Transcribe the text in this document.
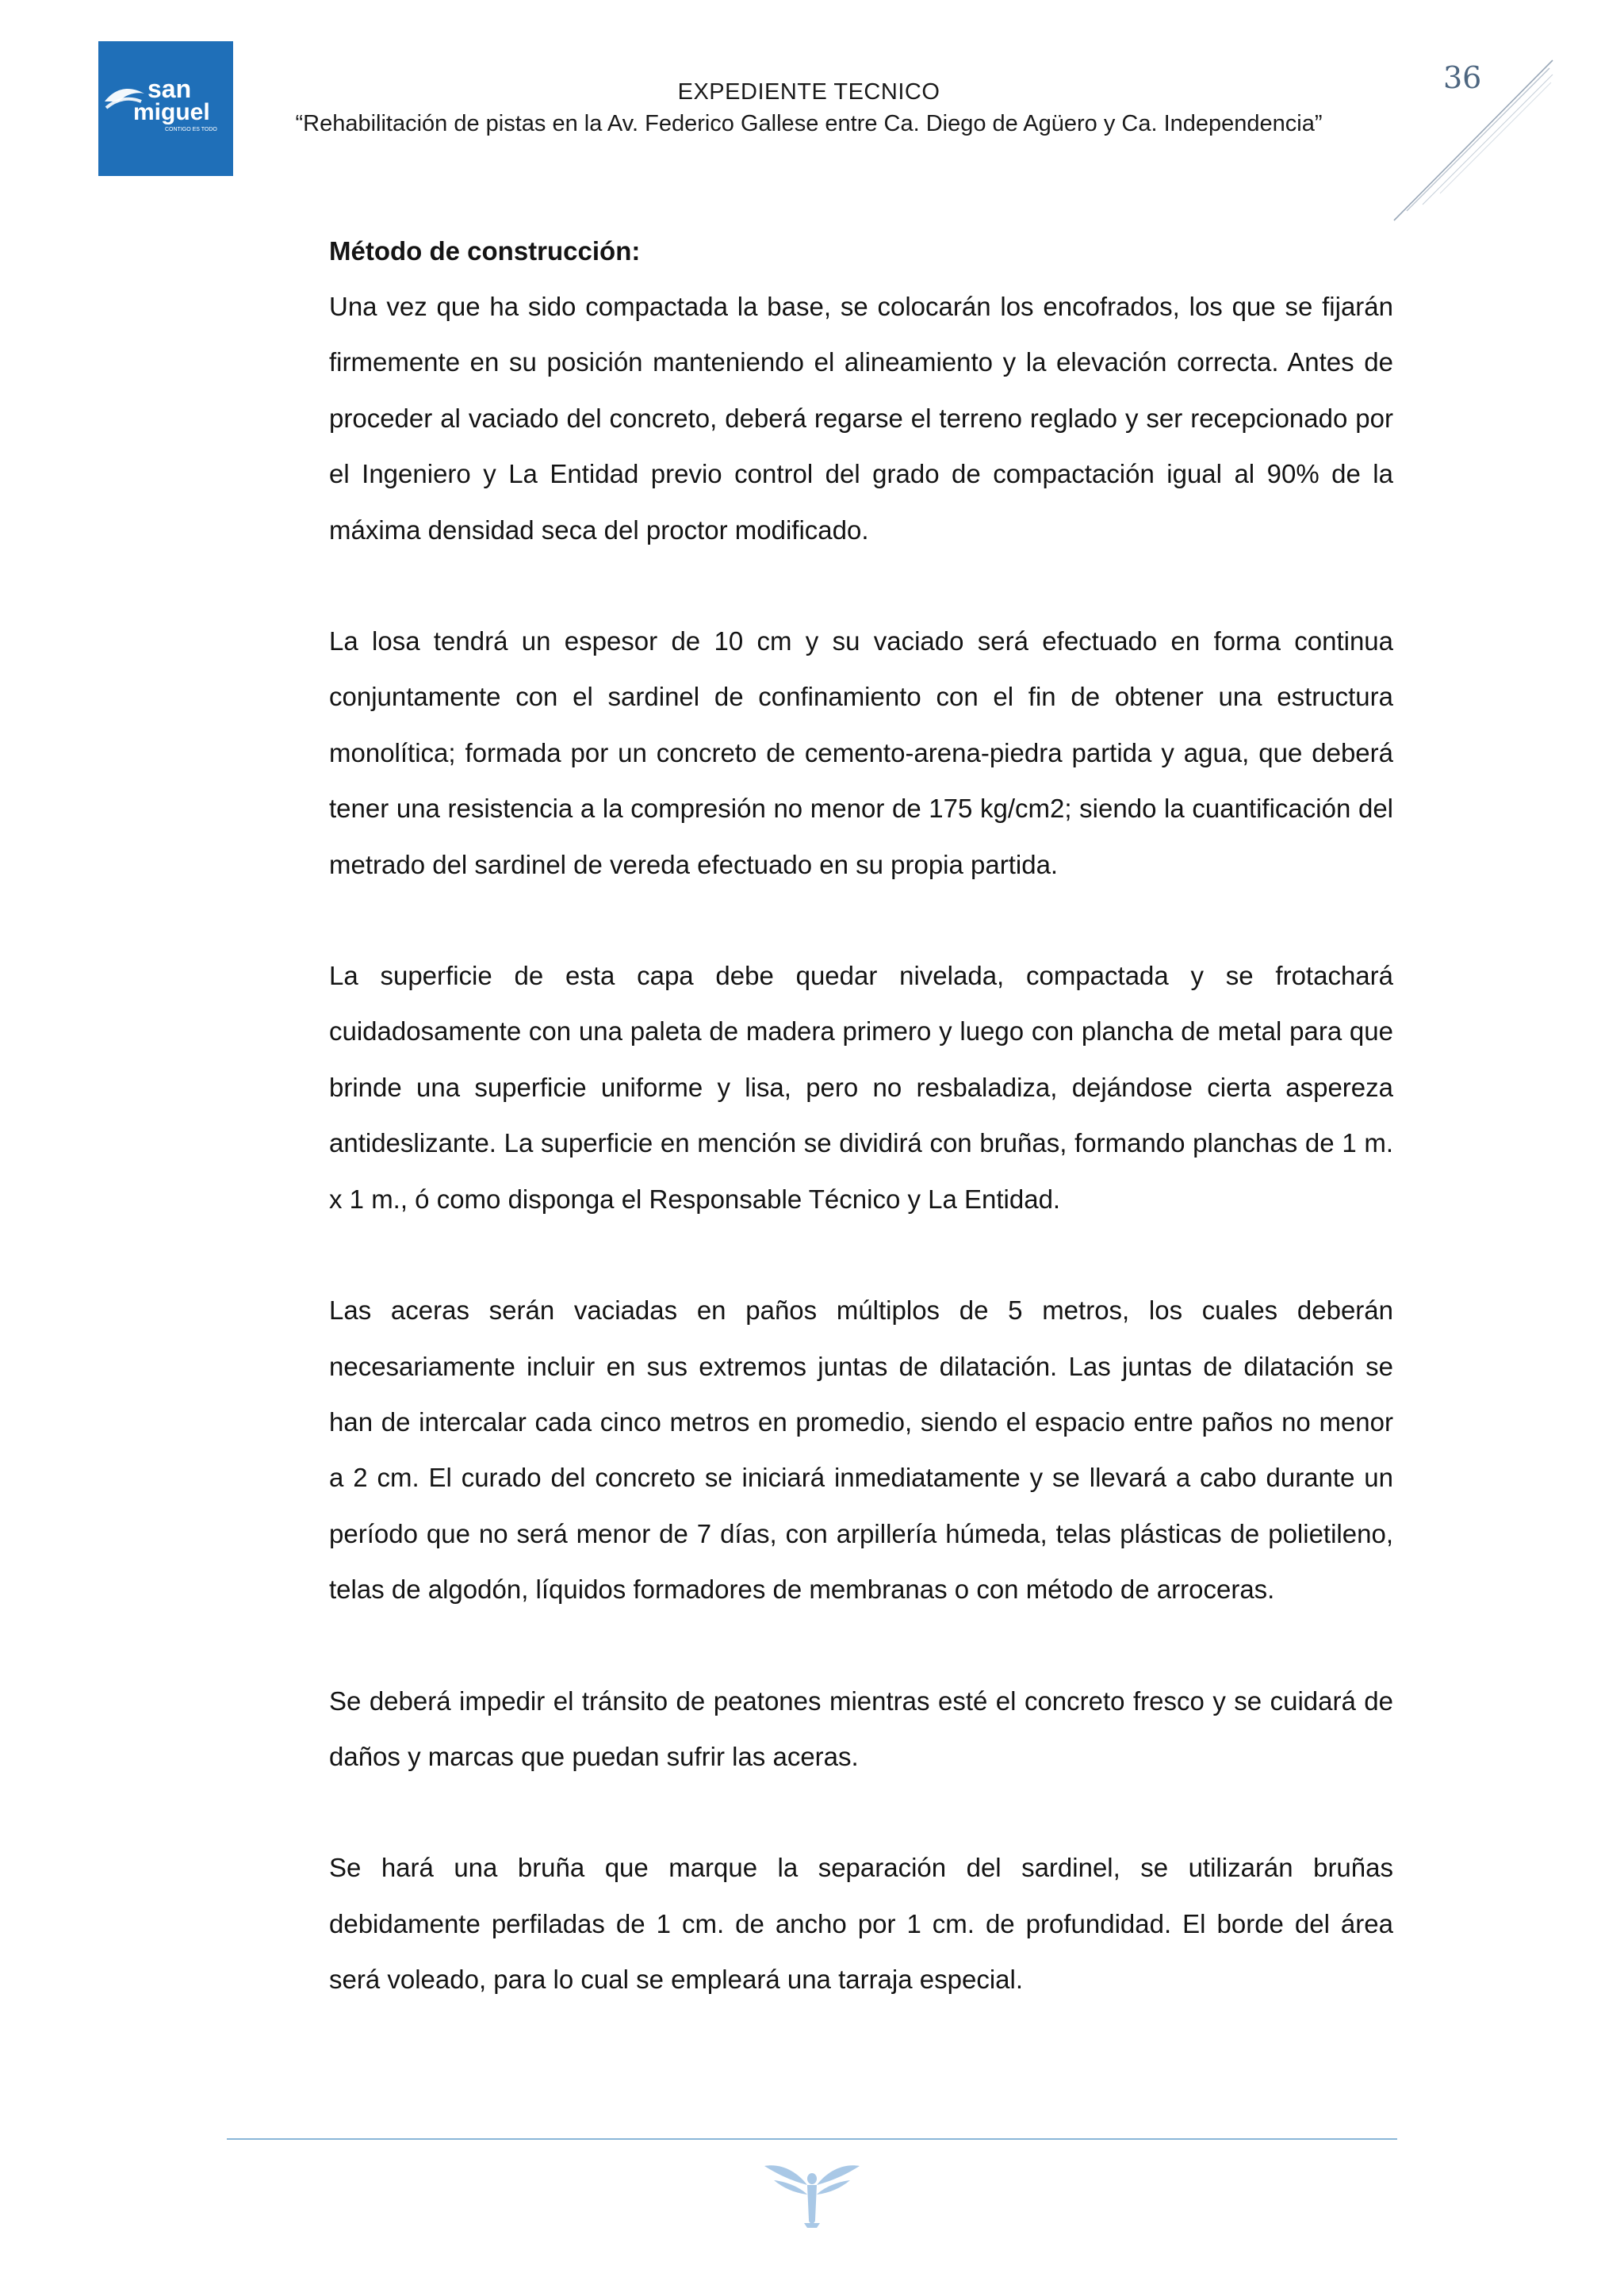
san
miguel
CONTIGO ES TODO
EXPEDIENTE TECNICO
“Rehabilitación de pistas en la Av. Federico Gallese entre Ca. Diego de Agüero y Ca. Independencia”
36
Método de construcción:

Una vez que ha sido compactada la base, se colocarán los encofrados, los que se fijarán firmemente en su posición manteniendo el alineamiento y la elevación correcta. Antes de proceder al vaciado del concreto, deberá regarse el terreno reglado y ser recepcionado por el Ingeniero y La Entidad previo control del grado de compactación igual al 90% de la máxima densidad seca del proctor modificado.

La losa tendrá un espesor de 10 cm y su vaciado será efectuado en forma continua conjuntamente con el sardinel de confinamiento con el fin de obtener una estructura monolítica; formada por un concreto de cemento-arena-piedra partida y agua, que deberá tener una resistencia a la compresión no menor de 175 kg/cm2; siendo la cuantificación del metrado del sardinel de vereda efectuado en su propia partida.

La superficie de esta capa debe quedar nivelada, compactada y se frotachará cuidadosamente con una paleta de madera primero y luego con plancha de metal para que brinde una superficie uniforme y lisa, pero no resbaladiza, dejándose cierta aspereza antideslizante. La superficie en mención se dividirá con bruñas, formando planchas de 1 m. x 1 m., ó como disponga el Responsable Técnico y La Entidad.

Las aceras serán vaciadas en paños múltiplos de 5 metros, los cuales deberán necesariamente incluir en sus extremos juntas de dilatación. Las juntas de dilatación se han de intercalar cada cinco metros en promedio, siendo el espacio entre paños no menor a 2 cm. El curado del concreto se iniciará inmediatamente y se llevará a cabo durante un período que no será menor de 7 días, con arpillería húmeda, telas plásticas de polietileno, telas de algodón, líquidos formadores de membranas o con método de arroceras.

Se deberá impedir el tránsito de peatones mientras esté el concreto fresco y se cuidará de daños y marcas que puedan sufrir las aceras.

Se hará una bruña que marque la separación del sardinel, se utilizarán bruñas debidamente perfiladas de 1 cm. de ancho por 1 cm. de profundidad. El borde del área será voleado, para lo cual se empleará una tarraja especial.
